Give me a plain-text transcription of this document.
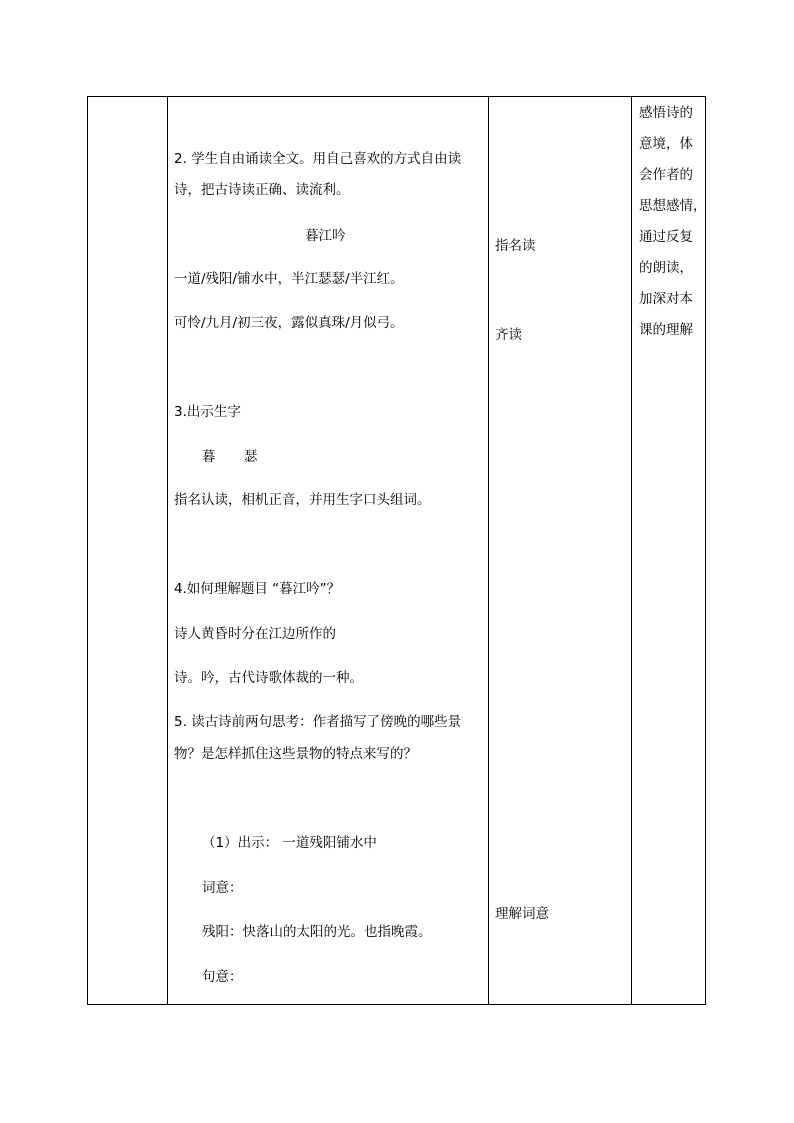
2. 学生自由诵读全文。用自己喜欢的方式自由读
诗，把古诗读正确、读流利。
暮江吟
一道/残阳/铺水中，半江瑟瑟/半江红。
可怜/九月/初三夜，露似真珠/月似弓。
3.出示生字
暮 瑟
指名认读，相机正音，并用生字口头组词。
4.如何理解题目 “暮江吟”？
诗人黄昏时分在江边所作的
诗。吟，古代诗歌体裁的一种。
5. 读古诗前两句思考：作者描写了傍晚的哪些景
物？是怎样抓住这些景物的特点来写的？
（1）出示： 一道残阳铺水中
词意：
残阳：快落山的太阳的光。也指晚霞。
句意：
指名读
齐读
理解词意
感悟诗的
意境，体
会作者的
思想感情，
通过反复
的朗读，
加深对本
课的理解
